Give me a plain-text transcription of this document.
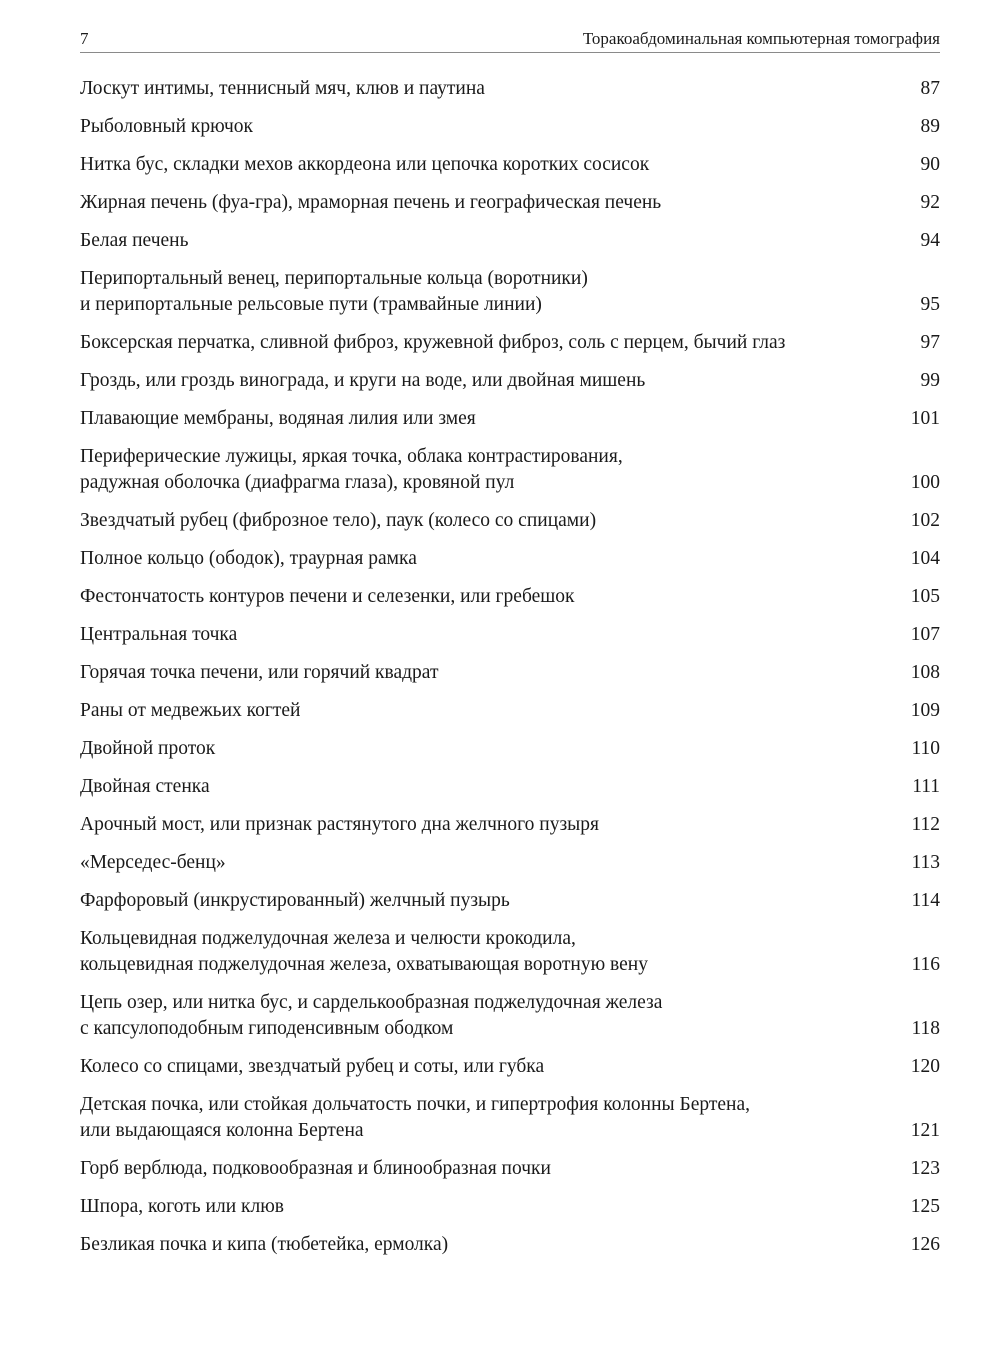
7	Торакоабдоминальная компьютерная томография
Лоскут интимы, теннисный мяч, клюв и паутина	87
Рыболовный крючок	89
Нитка бус, складки мехов аккордеона или цепочка коротких сосисок	90
Жирная печень (фуа-гра), мраморная печень и географическая печень	92
Белая печень	94
Перипортальный венец, перипортальные кольца (воротники)
и перипортальные рельсовые пути (трамвайные линии)	95
Боксерская перчатка, сливной фиброз, кружевной фиброз, соль с перцем, бычий глаз	97
Гроздь, или гроздь винограда, и круги на воде, или двойная мишень	99
Плавающие мембраны, водяная лилия или змея	101
Периферические лужицы, яркая точка, облака контрастирования,
радужная оболочка (диафрагма глаза), кровяной пул	100
Звездчатый рубец (фиброзное тело), паук (колесо со спицами)	102
Полное кольцо (ободок), траурная рамка	104
Фестончатость контуров печени и селезенки, или гребешок	105
Центральная точка	107
Горячая точка печени, или горячий квадрат	108
Раны от медвежьих когтей	109
Двойной проток	110
Двойная стенка	111
Арочный мост, или признак растянутого дна желчного пузыря	112
«Мерседес-бенц»	113
Фарфоровый (инкрустированный) желчный пузырь	114
Кольцевидная поджелудочная железа и челюсти крокодила,
кольцевидная поджелудочная железа, охватывающая воротную вену	116
Цепь озер, или нитка бус, и сарделькообразная поджелудочная железа
с капсулоподобным гиподенсивным ободком	118
Колесо со спицами, звездчатый рубец и соты, или губка	120
Детская почка, или стойкая дольчатость почки, и гипертрофия колонны Бертена,
или выдающаяся колонна Бертена	121
Горб верблюда, подковообразная и блинообразная почки	123
Шпора, коготь или клюв	125
Безликая почка и кипа (тюбетейка, ермолка)	126
